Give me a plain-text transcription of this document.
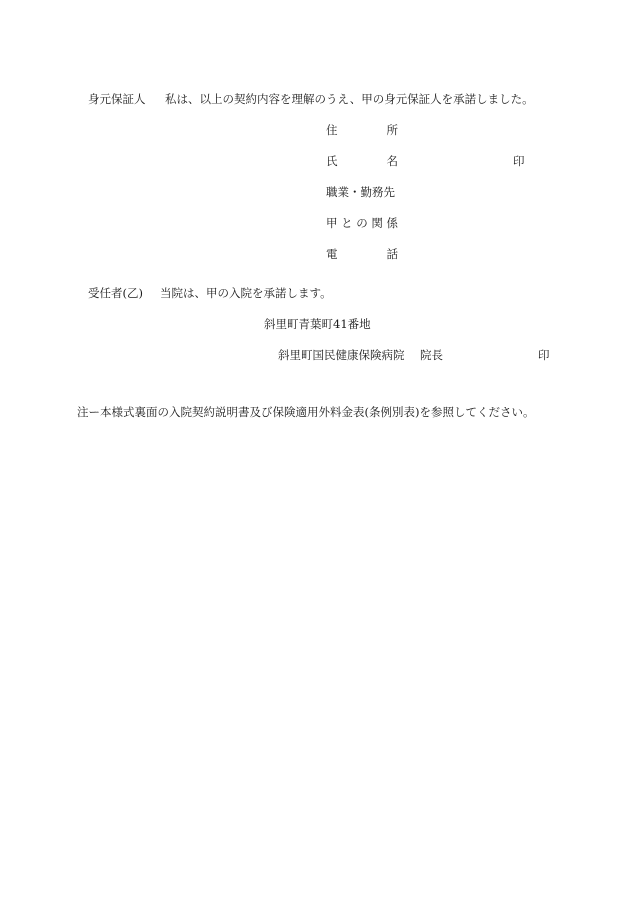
身元保証人 私は、以上の契約内容を理解のうえ、甲の身元保証人を承諾しました。
住	所
氏	名	印
職業・勤務先
甲 と の 関 係
電	話
受任者(乙) 当院は、甲の入院を承諾します。
斜里町青葉町41番地
斜里町国民健康保険病院 院長	印
注ー本様式裏面の入院契約説明書及び保険適用外料金表(条例別表)を参照してください。
